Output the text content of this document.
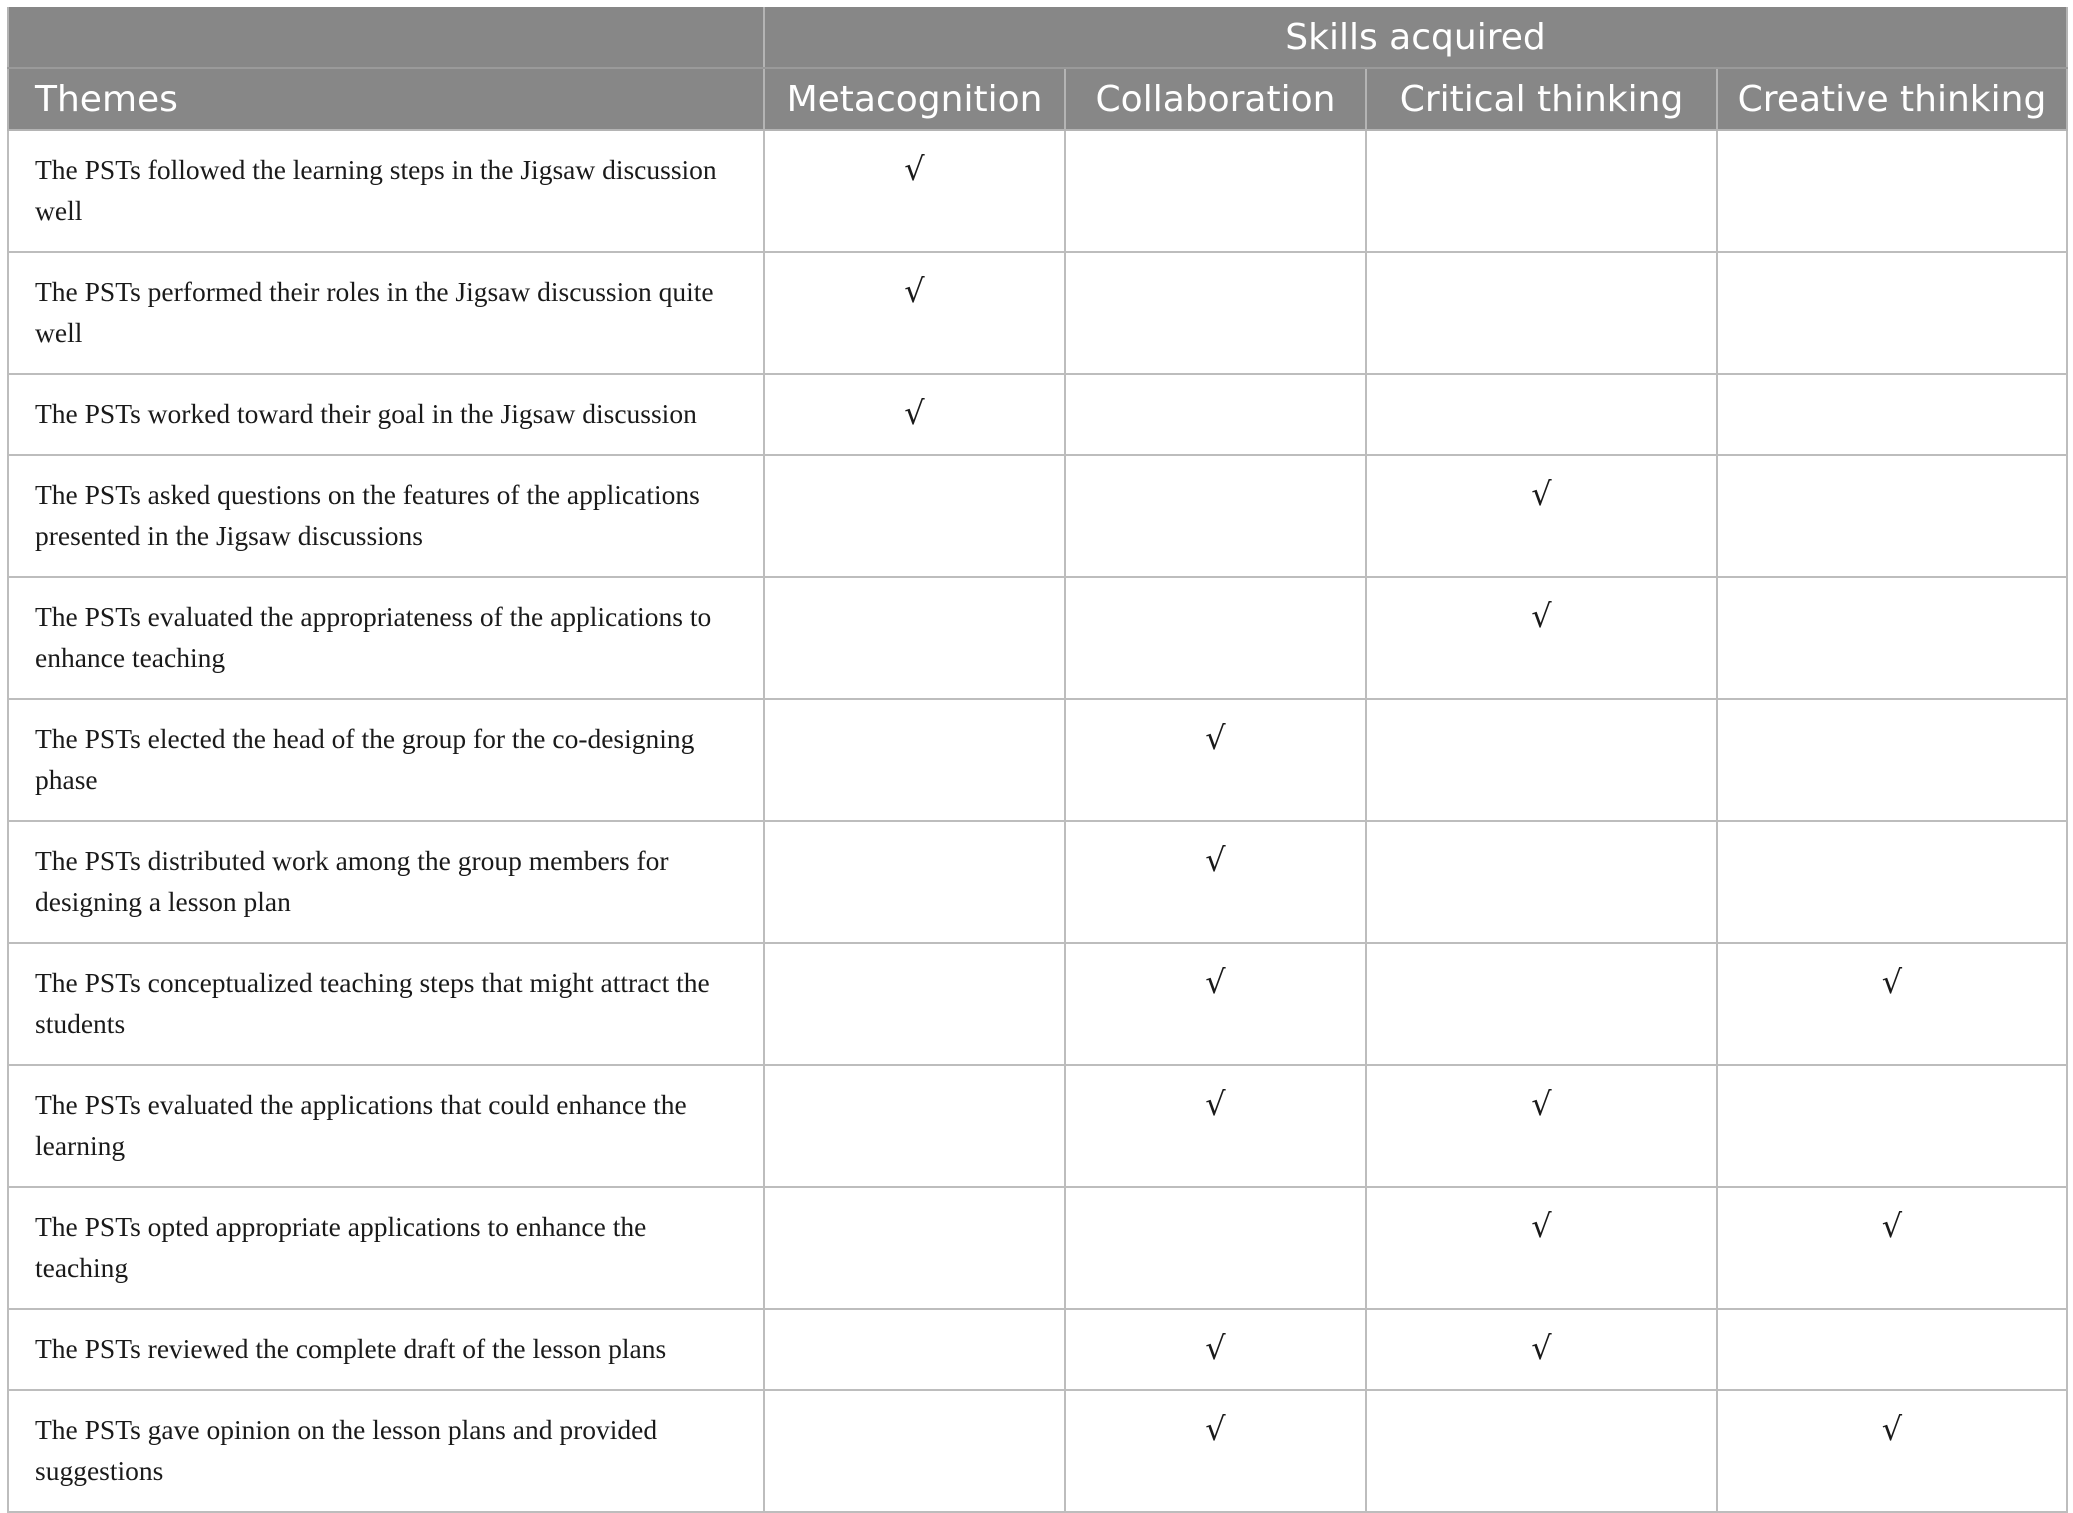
	Skills acquired			
Themes	Metacognition	Collaboration	Critical thinking	Creative thinking
The PSTs followed the learning steps in the Jigsaw discussion well	√			
The PSTs performed their roles in the Jigsaw discussion quite well	√			
The PSTs worked toward their goal in the Jigsaw discussion	√			
The PSTs asked questions on the features of the applications presented in the Jigsaw discussions			√	
The PSTs evaluated the appropriateness of the applications to enhance teaching			√	
The PSTs elected the head of the group for the co-designing phase		√		
The PSTs distributed work among the group members for designing a lesson plan		√		
The PSTs conceptualized teaching steps that might attract the students		√		√
The PSTs evaluated the applications that could enhance the learning		√	√	
The PSTs opted appropriate applications to enhance the teaching			√	√
The PSTs reviewed the complete draft of the lesson plans		√	√	
The PSTs gave opinion on the lesson plans and provided suggestions		√		√
